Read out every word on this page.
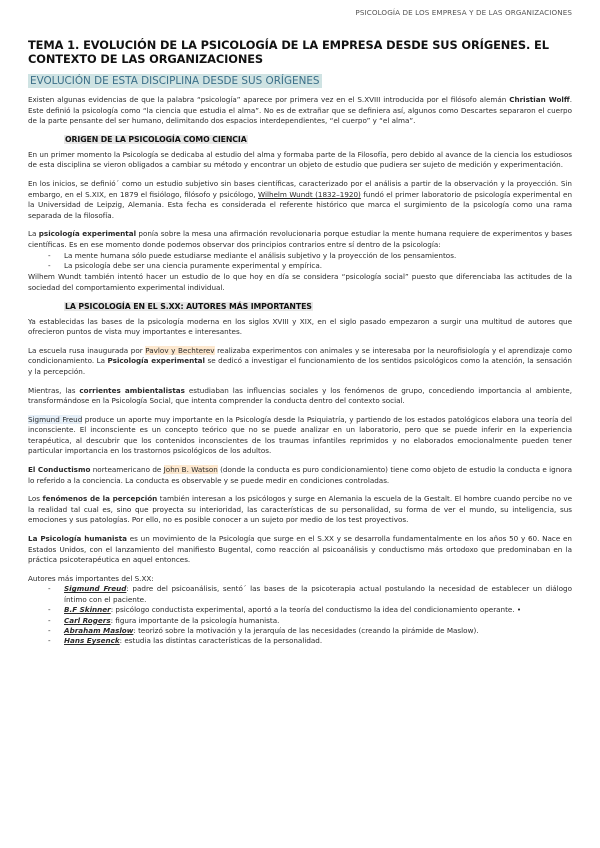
PSICOLOGÍA DE LOS EMPRESA Y DE LAS ORGANIZACIONES
TEMA 1. EVOLUCIÓN DE LA PSICOLOGÍA DE LA EMPRESA DESDE SUS ORÍGENES. EL CONTEXTO DE LAS ORGANIZACIONES
EVOLUCIÓN DE ESTA DISCIPLINA DESDE SUS ORÍGENES

Existen algunas evidencias de que la palabra “psicología” aparece por primera vez en el S.XVIII introducida por el filósofo alemán Christian Wolff. Este definió la psicología como “la ciencia que estudia el alma”. No es de extrañar que se definiera así, algunos como Descartes separaron el cuerpo de la parte pensante del ser humano, delimitando dos espacios interdependientes, “el cuerpo” y “el alma”.

ORIGEN DE LA PSICOLOGÍA COMO CIENCIA

En un primer momento la Psicología se dedicaba al estudio del alma y formaba parte de la Filosofía, pero debido al avance de la ciencia los estudiosos de esta disciplina se vieron obligados a cambiar su método y encontrar un objeto de estudio que pudiera ser sujeto de medición y experimentación.

En los inicios, se definió´ como un estudio subjetivo sin bases científicas, caracterizado por el análisis a partir de la observación y la proyección. Sin embargo, en el S.XIX, en 1879 el fisiólogo, filósofo y psicólogo, Wilhelm Wundt (1832–1920) fundó el primer laboratorio de psicología experimental en la Universidad de Leipzig, Alemania. Esta fecha es considerada el referente histórico que marca el surgimiento de la psicología como una rama separada de la filosofía.

La psicología experimental ponía sobre la mesa una afirmación revolucionaria porque estudiar la mente humana requiere de experimentos y bases científicas. Es en ese momento donde podemos observar dos principios contrarios entre sí dentro de la psicología:

- La mente humana sólo puede estudiarse mediante el análisis subjetivo y la proyección de los pensamientos.
- La psicología debe ser una ciencia puramente experimental y empírica.

Wilhem Wundt también intentó hacer un estudio de lo que hoy en día se considera “psicología social” puesto que diferenciaba las actitudes de la sociedad del comportamiento experimental individual.

LA PSICOLOGÍA EN EL S.XX: AUTORES MÁS IMPORTANTES

Ya establecidas las bases de la psicología moderna en los siglos XVIII y XIX, en el siglo pasado empezaron a surgir una multitud de autores que ofrecieron puntos de vista muy importantes e interesantes.

La escuela rusa inaugurada por Pavlov y Bechterev realizaba experimentos con animales y se interesaba por la neurofisiología y el aprendizaje como condicionamiento. La Psicología experimental se dedicó a investigar el funcionamiento de los sentidos psicológicos como la atención, la sensación y la percepción.

Mientras, las corrientes ambientalistas estudiaban las influencias sociales y los fenómenos de grupo, concediendo importancia al ambiente, transformándose en la Psicología Social, que intenta comprender la conducta dentro del contexto social.

Sigmund Freud produce un aporte muy importante en la Psicología desde la Psiquiatría, y partiendo de los estados patológicos elabora una teoría del inconsciente. El inconsciente es un concepto teórico que no se puede analizar en un laboratorio, pero que se puede inferir en la experiencia terapéutica, al descubrir que los contenidos inconscientes de los traumas infantiles reprimidos y no elaborados emocionalmente pueden tener particular importancia en los trastornos psicológicos de los adultos.

El Conductismo norteamericano de John B. Watson (donde la conducta es puro condicionamiento) tiene como objeto de estudio la conducta e ignora lo referido a la conciencia. La conducta es observable y se puede medir en condiciones controladas.

Los fenómenos de la percepción también interesan a los psicólogos y surge en Alemania la escuela de la Gestalt. El hombre cuando percibe no ve la realidad tal cual es, sino que proyecta su interioridad, las características de su personalidad, su forma de ver el mundo, su inteligencia, sus emociones y sus patologías. Por ello, no es posible conocer a un sujeto por medio de los test proyectivos.

La Psicología humanista es un movimiento de la Psicología que surge en el S.XX y se desarrolla fundamentalmente en los años 50 y 60. Nace en Estados Unidos, con el lanzamiento del manifiesto Bugental, como reacción al psicoanálisis y conductismo más ortodoxo que predominaban en la práctica psicoterapéutica en aquel entonces.

Autores más importantes del S.XX:

- Sigmund Freud: padre del psicoanálisis, sentó´ las bases de la psicoterapia actual postulando la necesidad de establecer un diálogo íntimo con el paciente.
- B.F Skinner: psicólogo conductista experimental, aportó a la teoría del conductismo la idea del condicionamiento operante. •
- Carl Rogers: figura importante de la psicología humanista.
- Abraham Maslow: teorizó sobre la motivación y la jerarquía de las necesidades (creando la pirámide de Maslow).
- Hans Eysenck: estudia las distintas características de la personalidad.
